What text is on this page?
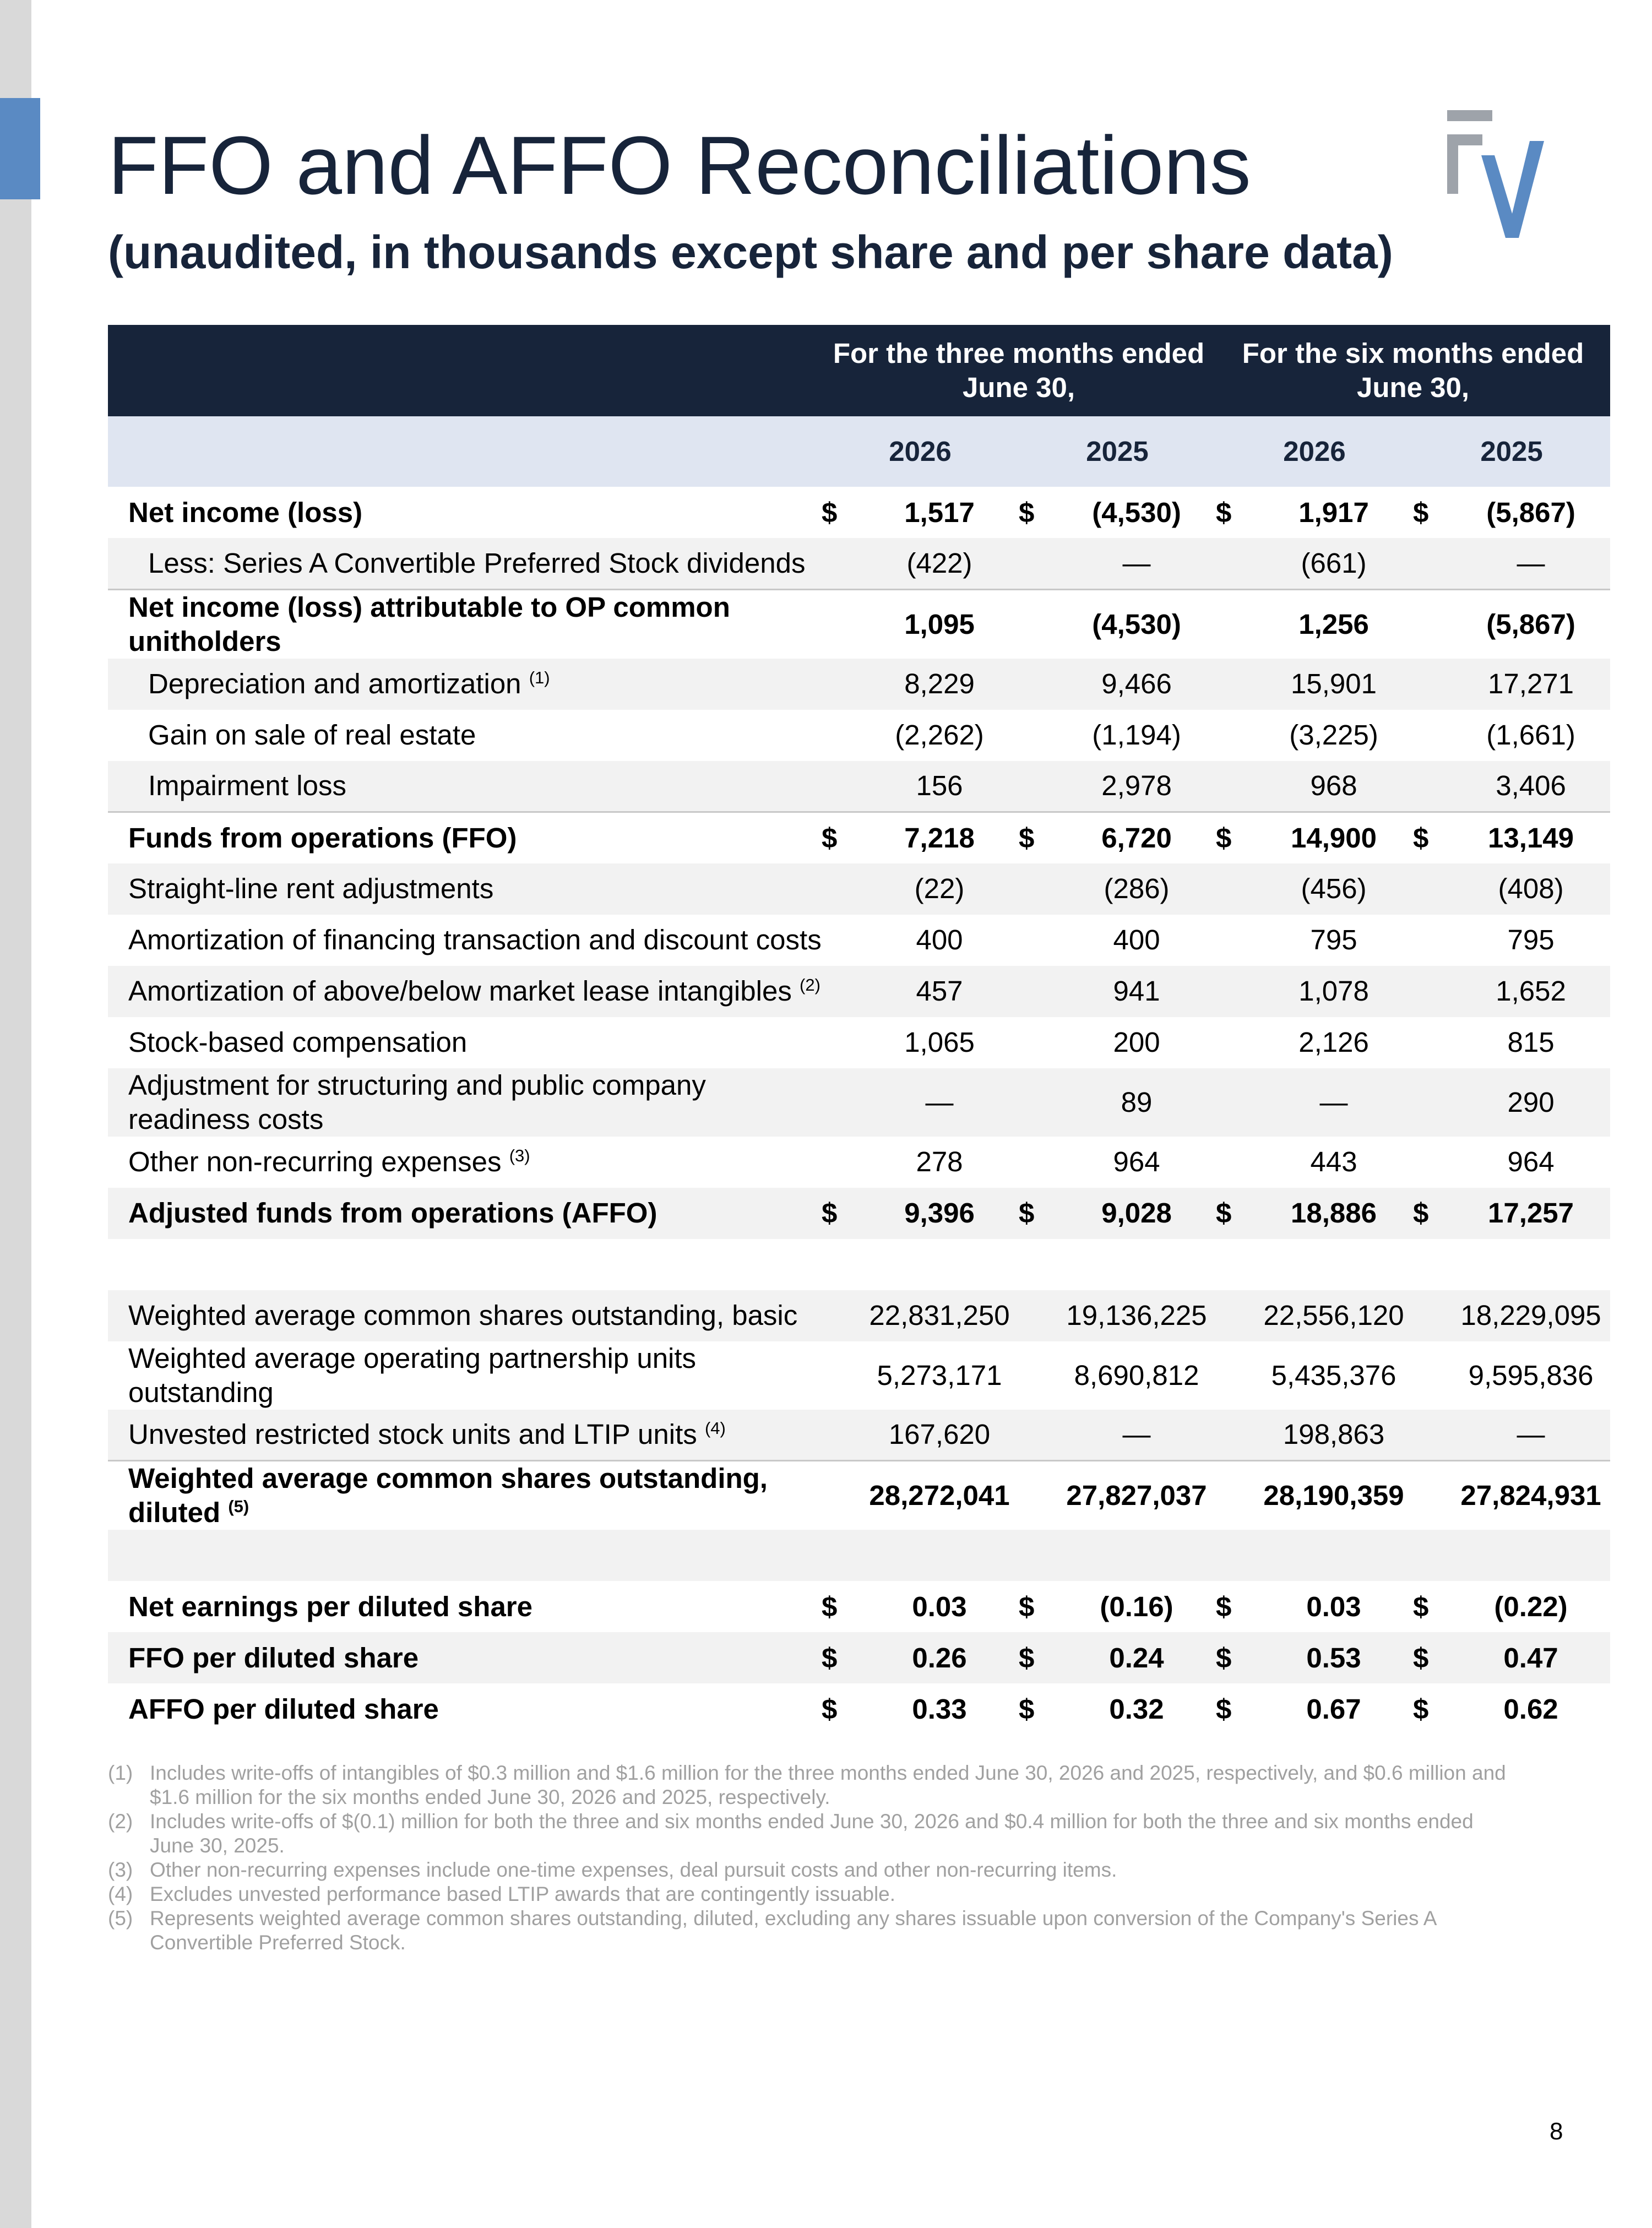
FFO and AFFO Reconciliations
(unaudited, in thousands except share and per share data)
	For the three months ended June 30,				For the six months ended June 30,			
	2026		2025		2026		2025	
Net income (loss)	$	1,517	$	(4,530)	$	1,917	$	(5,867)
Less: Series A Convertible Preferred Stock dividends		(422)		—		(661)		—
Net income (loss) attributable to OP common unitholders		1,095		(4,530)		1,256		(5,867)
Depreciation and amortization $^{(1)}$		8,229		9,466		15,901		17,271
Gain on sale of real estate		(2,262)		(1,194)		(3,225)		(1,661)
Impairment loss		156		2,978		968		3,406
Funds from operations (FFO)	$	7,218	$	6,720	$	14,900	$	13,149
Straight-line rent adjustments		(22)		(286)		(456)		(408)
Amortization of financing transaction and discount costs		400		400		795		795
Amortization of above/below market lease intangibles $^{(2)}$		457		941		1,078		1,652
Stock-based compensation		1,065		200		2,126		815
Adjustment for structuring and public company readiness costs		—		89		—		290
Other non-recurring expenses $^{(3)}$		278		964		443		964
Adjusted funds from operations (AFFO)	$	9,396	$	9,028	$	18,886	$	17,257

Weighted average common shares outstanding, basic		22,831,250		19,136,225		22,556,120		18,229,095
Weighted average operating partnership units outstanding		5,273,171		8,690,812		5,435,376		9,595,836
Unvested restricted stock units and LTIP units $^{(4)}$		167,620		—		198,863		—
Weighted average common shares outstanding, diluted $^{(5)}$		28,272,041		27,827,037		28,190,359		27,824,931

Net earnings per diluted share	$	0.03	$	(0.16)	$	0.03	$	(0.22)
FFO per diluted share	$	0.26	$	0.24	$	0.53	$	0.47
AFFO per diluted share	$	0.33	$	0.32	$	0.67	$	0.62
(1) Includes write-offs of intangibles of $0.3 million and $1.6 million for the three months ended June 30, 2026 and 2025, respectively, and $0.6 million and $1.6 million for the six months ended June 30, 2026 and 2025, respectively.
(2) Includes write-offs of $(0.1) million for both the three and six months ended June 30, 2026 and $0.4 million for both the three and six months ended June 30, 2025.
(3) Other non-recurring expenses include one-time expenses, deal pursuit costs and other non-recurring items.
(4) Excludes unvested performance based LTIP awards that are contingently issuable.
(5) Represents weighted average common shares outstanding, diluted, excluding any shares issuable upon conversion of the Company's Series A Convertible Preferred Stock.
8
